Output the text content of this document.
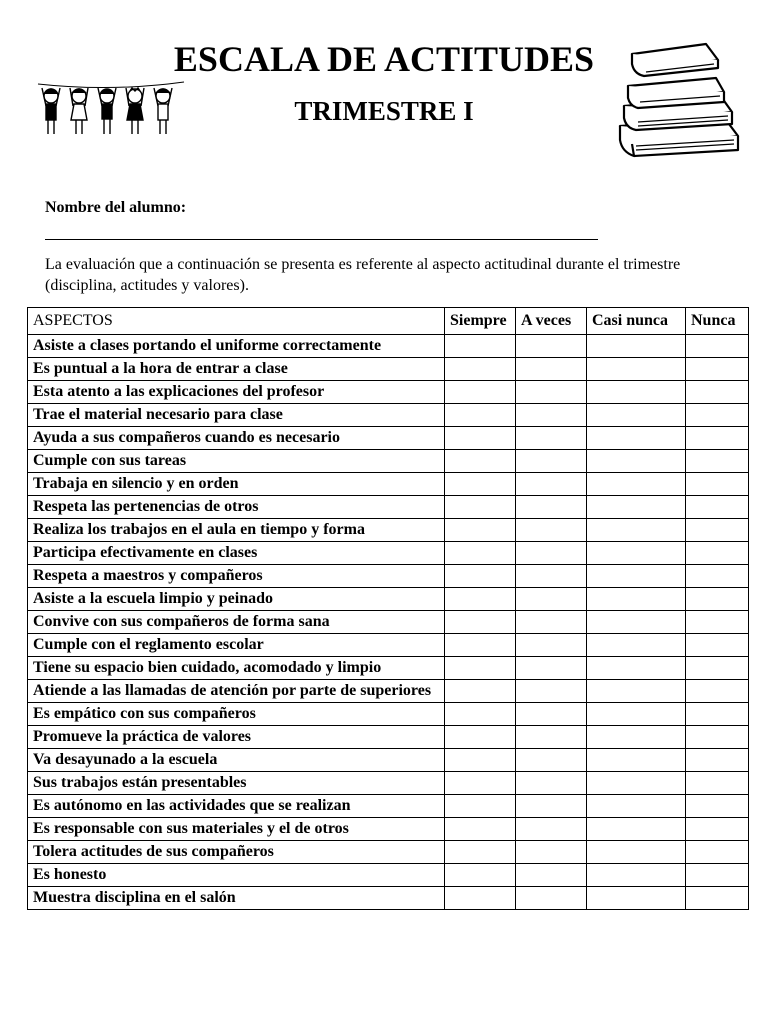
ESCALA DE ACTITUDES
TRIMESTRE I
Nombre del alumno:
La evaluación que a continuación se presenta es referente al aspecto actitudinal durante el trimestre (disciplina, actitudes y valores).
ASPECTOS	Siempre	A veces	Casi nunca	Nunca
Asiste a clases portando el uniforme correctamente				
Es puntual a la hora de entrar a clase				
Esta atento a las explicaciones del profesor				
Trae el material necesario para clase				
Ayuda a sus compañeros cuando es necesario				
Cumple con sus tareas				
Trabaja en silencio y en orden				
Respeta las pertenencias de otros				
Realiza los trabajos en el aula en tiempo y forma				
Participa efectivamente en clases				
Respeta a maestros y compañeros				
Asiste a la escuela limpio y peinado				
Convive con sus compañeros de forma sana				
Cumple con el reglamento escolar				
Tiene su espacio bien cuidado, acomodado y limpio				
Atiende a las llamadas de atención por parte de superiores				
Es empático con sus compañeros				
Promueve la práctica de valores				
Va desayunado a la escuela				
Sus trabajos están presentables				
Es autónomo en las actividades que se realizan				
Es responsable con sus materiales y el de otros				
Tolera actitudes de sus compañeros				
Es honesto				
Muestra disciplina en el salón				
